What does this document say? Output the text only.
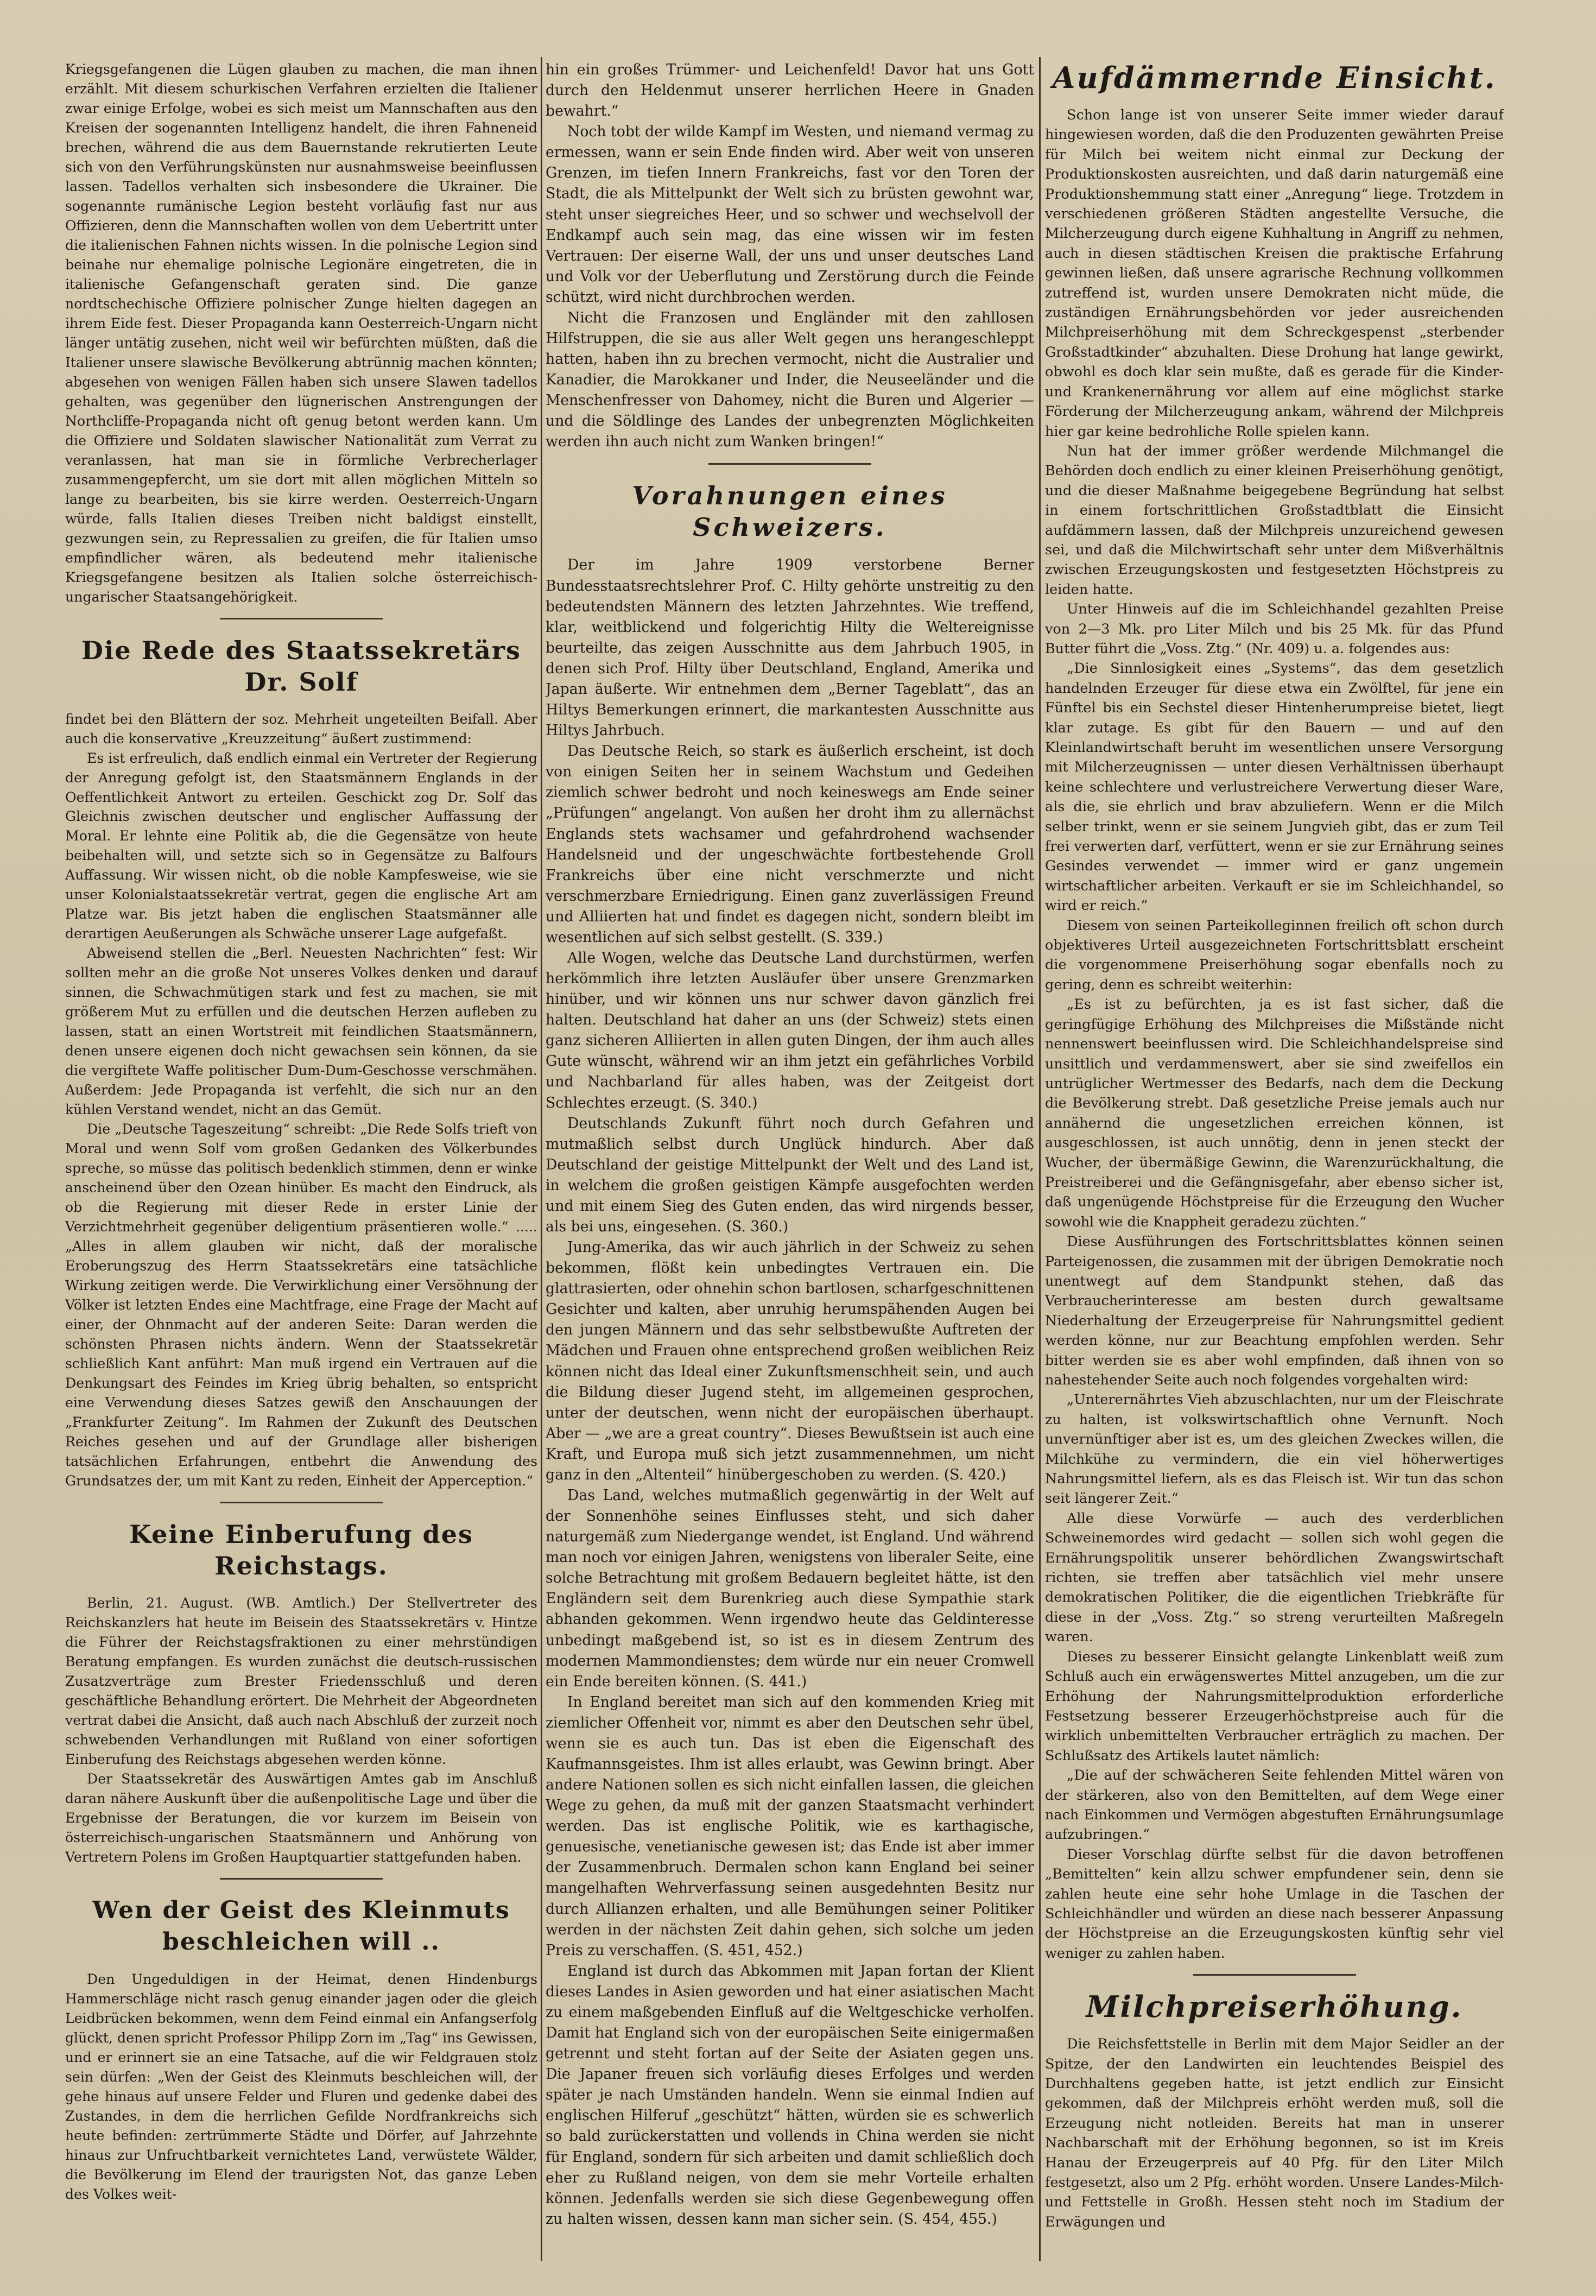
Kriegsgefangenen die Lügen glauben zu machen, die man ihnen erzählt. Mit diesem schurkischen Verfahren erzielten die Italiener zwar einige Erfolge, wobei es sich meist um Mannschaften aus den Kreisen der sogenannten Intelligenz handelt, die ihren Fahneneid brechen, während die aus dem Bauernstande rekrutierten Leute sich von den Verführungskünsten nur ausnahmsweise beeinflussen lassen. Tadellos verhalten sich insbesondere die Ukrainer. Die sogenannte rumänische Legion besteht vorläufig fast nur aus Offizieren, denn die Mannschaften wollen von dem Uebertritt unter die italienischen Fahnen nichts wissen. In die polnische Legion sind beinahe nur ehemalige polnische Legionäre eingetreten, die in italienische Gefangenschaft geraten sind. Die ganze nordtschechische Offiziere polnischer Zunge hielten dagegen an ihrem Eide fest. Dieser Propaganda kann Oesterreich-Ungarn nicht länger untätig zusehen, nicht weil wir befürchten müßten, daß die Italiener unsere slawische Bevölkerung abtrünnig machen könnten; abgesehen von wenigen Fällen haben sich unsere Slawen tadellos gehalten, was gegenüber den lügnerischen Anstrengungen der Northcliffe-Propaganda nicht oft genug betont werden kann. Um die Offiziere und Soldaten slawischer Nationalität zum Verrat zu veranlassen, hat man sie in förmliche Verbrecherlager zusammengepfercht, um sie dort mit allen möglichen Mitteln so lange zu bearbeiten, bis sie kirre werden. Oesterreich-Ungarn würde, falls Italien dieses Treiben nicht baldigst einstellt, gezwungen sein, zu Repressalien zu greifen, die für Italien umso empfindlicher wären, als bedeutend mehr italienische Kriegsgefangene besitzen als Italien solche österreichisch-ungarischer Staatsangehörigkeit.

Die Rede des Staatssekretärs Dr. Solf

findet bei den Blättern der soz. Mehrheit ungeteilten Beifall. Aber auch die konservative „Kreuzzeitung“ äußert zustimmend:

Es ist erfreulich, daß endlich einmal ein Vertreter der Regierung der Anregung gefolgt ist, den Staatsmännern Englands in der Oeffentlichkeit Antwort zu erteilen. Geschickt zog Dr. Solf das Gleichnis zwischen deutscher und englischer Auffassung der Moral. Er lehnte eine Politik ab, die die Gegensätze von heute beibehalten will, und setzte sich so in Gegensätze zu Balfours Auffassung. Wir wissen nicht, ob die noble Kampfesweise, wie sie unser Kolonialstaatssekretär vertrat, gegen die englische Art am Platze war. Bis jetzt haben die englischen Staatsmänner alle derartigen Aeußerungen als Schwäche unserer Lage aufgefaßt.

Abweisend stellen die „Berl. Neuesten Nachrichten“ fest: Wir sollten mehr an die große Not unseres Volkes denken und darauf sinnen, die Schwachmütigen stark und fest zu machen, sie mit größerem Mut zu erfüllen und die deutschen Herzen aufleben zu lassen, statt an einen Wortstreit mit feindlichen Staatsmännern, denen unsere eigenen doch nicht gewachsen sein können, da sie die vergiftete Waffe politischer Dum-Dum-Geschosse verschmähen. Außerdem: Jede Propaganda ist verfehlt, die sich nur an den kühlen Verstand wendet, nicht an das Gemüt.

Die „Deutsche Tageszeitung“ schreibt: „Die Rede Solfs trieft von Moral und wenn Solf vom großen Gedanken des Völkerbundes spreche, so müsse das politisch bedenklich stimmen, denn er winke anscheinend über den Ozean hinüber. Es macht den Eindruck, als ob die Regierung mit dieser Rede in erster Linie der Verzichtmehrheit gegenüber deligentium präsentieren wolle.“ ..... „Alles in allem glauben wir nicht, daß der moralische Eroberungszug des Herrn Staatssekretärs eine tatsächliche Wirkung zeitigen werde. Die Verwirklichung einer Versöhnung der Völker ist letzten Endes eine Machtfrage, eine Frage der Macht auf einer, der Ohnmacht auf der anderen Seite: Daran werden die schönsten Phrasen nichts ändern. Wenn der Staatssekretär schließlich Kant anführt: Man muß irgend ein Vertrauen auf die Denkungsart des Feindes im Krieg übrig behalten, so entspricht eine Verwendung dieses Satzes gewiß den Anschauungen der „Frankfurter Zeitung“. Im Rahmen der Zukunft des Deutschen Reiches gesehen und auf der Grundlage aller bisherigen tatsächlichen Erfahrungen, entbehrt die Anwendung des Grundsatzes der, um mit Kant zu reden, Einheit der Apperception.“

Keine Einberufung des Reichstags.

Berlin, 21. August. (WB. Amtlich.) Der Stellvertreter des Reichskanzlers hat heute im Beisein des Staatssekretärs v. Hintze die Führer der Reichstagsfraktionen zu einer mehrstündigen Beratung empfangen. Es wurden zunächst die deutsch-russischen Zusatzverträge zum Brester Friedensschluß und deren geschäftliche Behandlung erörtert. Die Mehrheit der Abgeordneten vertrat dabei die Ansicht, daß auch nach Abschluß der zurzeit noch schwebenden Verhandlungen mit Rußland von einer sofortigen Einberufung des Reichstags abgesehen werden könne.

Der Staatssekretär des Auswärtigen Amtes gab im Anschluß daran nähere Auskunft über die außenpolitische Lage und über die Ergebnisse der Beratungen, die vor kurzem im Beisein von österreichisch-ungarischen Staatsmännern und Anhörung von Vertretern Polens im Großen Hauptquartier stattgefunden haben.

Wen der Geist des Kleinmuts beschleichen will ..

Den Ungeduldigen in der Heimat, denen Hindenburgs Hammerschläge nicht rasch genug einander jagen oder die gleich Leidbrücken bekommen, wenn dem Feind einmal ein Anfangserfolg glückt, denen spricht Professor Philipp Zorn im „Tag“ ins Gewissen, und er erinnert sie an eine Tatsache, auf die wir Feldgrauen stolz sein dürfen: „Wen der Geist des Kleinmuts beschleichen will, der gehe hinaus auf unsere Felder und Fluren und gedenke dabei des Zustandes, in dem die herrlichen Gefilde Nordfrankreichs sich heute befinden: zertrümmerte Städte und Dörfer, auf Jahrzehnte hinaus zur Unfruchtbarkeit vernichtetes Land, verwüstete Wälder, die Bevölkerung im Elend der traurigsten Not, das ganze Leben des Volkes weit-

hin ein großes Trümmer- und Leichenfeld! Davor hat uns Gott durch den Heldenmut unserer herrlichen Heere in Gnaden bewahrt.“

Noch tobt der wilde Kampf im Westen, und niemand vermag zu ermessen, wann er sein Ende finden wird. Aber weit von unseren Grenzen, im tiefen Innern Frankreichs, fast vor den Toren der Stadt, die als Mittelpunkt der Welt sich zu brüsten gewohnt war, steht unser siegreiches Heer, und so schwer und wechselvoll der Endkampf auch sein mag, das eine wissen wir im festen Vertrauen: Der eiserne Wall, der uns und unser deutsches Land und Volk vor der Ueberflutung und Zerstörung durch die Feinde schützt, wird nicht durchbrochen werden.

Nicht die Franzosen und Engländer mit den zahllosen Hilfstruppen, die sie aus aller Welt gegen uns herangeschleppt hatten, haben ihn zu brechen vermocht, nicht die Australier und Kanadier, die Marokkaner und Inder, die Neuseeländer und die Menschenfresser von Dahomey, nicht die Buren und Algerier — und die Söldlinge des Landes der unbegrenzten Möglichkeiten werden ihn auch nicht zum Wanken bringen!“

Vorahnungen eines Schweizers.

Der im Jahre 1909 verstorbene Berner Bundesstaatsrechtslehrer Prof. C. Hilty gehörte unstreitig zu den bedeutendsten Männern des letzten Jahrzehntes. Wie treffend, klar, weitblickend und folgerichtig Hilty die Weltereignisse beurteilte, das zeigen Ausschnitte aus dem Jahrbuch 1905, in denen sich Prof. Hilty über Deutschland, England, Amerika und Japan äußerte. Wir entnehmen dem „Berner Tageblatt“, das an Hiltys Bemerkungen erinnert, die markantesten Ausschnitte aus Hiltys Jahrbuch.

Das Deutsche Reich, so stark es äußerlich erscheint, ist doch von einigen Seiten her in seinem Wachstum und Gedeihen ziemlich schwer bedroht und noch keineswegs am Ende seiner „Prüfungen“ angelangt. Von außen her droht ihm zu allernächst Englands stets wachsamer und gefahrdrohend wachsender Handelsneid und der ungeschwächte fortbestehende Groll Frankreichs über eine nicht verschmerzte und nicht verschmerzbare Erniedrigung. Einen ganz zuverlässigen Freund und Alliierten hat und findet es dagegen nicht, sondern bleibt im wesentlichen auf sich selbst gestellt. (S. 339.)

Alle Wogen, welche das Deutsche Land durchstürmen, werfen herkömmlich ihre letzten Ausläufer über unsere Grenzmarken hinüber, und wir können uns nur schwer davon gänzlich frei halten. Deutschland hat daher an uns (der Schweiz) stets einen ganz sicheren Alliierten in allen guten Dingen, der ihm auch alles Gute wünscht, während wir an ihm jetzt ein gefährliches Vorbild und Nachbarland für alles haben, was der Zeitgeist dort Schlechtes erzeugt. (S. 340.)

Deutschlands Zukunft führt noch durch Gefahren und mutmaßlich selbst durch Unglück hindurch. Aber daß Deutschland der geistige Mittelpunkt der Welt und des Land ist, in welchem die großen geistigen Kämpfe ausgefochten werden und mit einem Sieg des Guten enden, das wird nirgends besser, als bei uns, eingesehen. (S. 360.)

Jung-Amerika, das wir auch jährlich in der Schweiz zu sehen bekommen, flößt kein unbedingtes Vertrauen ein. Die glattrasierten, oder ohnehin schon bartlosen, scharfgeschnittenen Gesichter und kalten, aber unruhig herumspähenden Augen bei den jungen Männern und das sehr selbstbewußte Auftreten der Mädchen und Frauen ohne entsprechend großen weiblichen Reiz können nicht das Ideal einer Zukunftsmenschheit sein, und auch die Bildung dieser Jugend steht, im allgemeinen gesprochen, unter der deutschen, wenn nicht der europäischen überhaupt. Aber — „we are a great country“. Dieses Bewußtsein ist auch eine Kraft, und Europa muß sich jetzt zusammennehmen, um nicht ganz in den „Altenteil“ hinübergeschoben zu werden. (S. 420.)

Das Land, welches mutmaßlich gegenwärtig in der Welt auf der Sonnenhöhe seines Einflusses steht, und sich daher naturgemäß zum Niedergange wendet, ist England. Und während man noch vor einigen Jahren, wenigstens von liberaler Seite, eine solche Betrachtung mit großem Bedauern begleitet hätte, ist den Engländern seit dem Burenkrieg auch diese Sympathie stark abhanden gekommen. Wenn irgendwo heute das Geldinteresse unbedingt maßgebend ist, so ist es in diesem Zentrum des modernen Mammondienstes; dem würde nur ein neuer Cromwell ein Ende bereiten können. (S. 441.)

In England bereitet man sich auf den kommenden Krieg mit ziemlicher Offenheit vor, nimmt es aber den Deutschen sehr übel, wenn sie es auch tun. Das ist eben die Eigenschaft des Kaufmannsgeistes. Ihm ist alles erlaubt, was Gewinn bringt. Aber andere Nationen sollen es sich nicht einfallen lassen, die gleichen Wege zu gehen, da muß mit der ganzen Staatsmacht verhindert werden. Das ist englische Politik, wie es karthagische, genuesische, venetianische gewesen ist; das Ende ist aber immer der Zusammenbruch. Dermalen schon kann England bei seiner mangelhaften Wehrverfassung seinen ausgedehnten Besitz nur durch Allianzen erhalten, und alle Bemühungen seiner Politiker werden in der nächsten Zeit dahin gehen, sich solche um jeden Preis zu verschaffen. (S. 451, 452.)

England ist durch das Abkommen mit Japan fortan der Klient dieses Landes in Asien geworden und hat einer asiatischen Macht zu einem maßgebenden Einfluß auf die Weltgeschicke verholfen. Damit hat England sich von der europäischen Seite einigermaßen getrennt und steht fortan auf der Seite der Asiaten gegen uns. Die Japaner freuen sich vorläufig dieses Erfolges und werden später je nach Umständen handeln. Wenn sie einmal Indien auf englischen Hilferuf „geschützt“ hätten, würden sie es schwerlich so bald zurückerstatten und vollends in China werden sie nicht für England, sondern für sich arbeiten und damit schließlich doch eher zu Rußland neigen, von dem sie mehr Vorteile erhalten können. Jedenfalls werden sie sich diese Gegenbewegung offen zu halten wissen, dessen kann man sicher sein. (S. 454, 455.)

Aufdämmernde Einsicht.

Schon lange ist von unserer Seite immer wieder darauf hingewiesen worden, daß die den Produzenten gewährten Preise für Milch bei weitem nicht einmal zur Deckung der Produktionskosten ausreichten, und daß darin naturgemäß eine Produktionshemmung statt einer „Anregung“ liege. Trotzdem in verschiedenen größeren Städten angestellte Versuche, die Milcherzeugung durch eigene Kuhhaltung in Angriff zu nehmen, auch in diesen städtischen Kreisen die praktische Erfahrung gewinnen ließen, daß unsere agrarische Rechnung vollkommen zutreffend ist, wurden unsere Demokraten nicht müde, die zuständigen Ernährungsbehörden vor jeder ausreichenden Milchpreiserhöhung mit dem Schreckgespenst „sterbender Großstadtkinder“ abzuhalten. Diese Drohung hat lange gewirkt, obwohl es doch klar sein mußte, daß es gerade für die Kinder- und Krankenernährung vor allem auf eine möglichst starke Förderung der Milcherzeugung ankam, während der Milchpreis hier gar keine bedrohliche Rolle spielen kann.

Nun hat der immer größer werdende Milchmangel die Behörden doch endlich zu einer kleinen Preiserhöhung genötigt, und die dieser Maßnahme beigegebene Begründung hat selbst in einem fortschrittlichen Großstadtblatt die Einsicht aufdämmern lassen, daß der Milchpreis unzureichend gewesen sei, und daß die Milchwirtschaft sehr unter dem Mißverhältnis zwischen Erzeugungskosten und festgesetzten Höchstpreis zu leiden hatte.

Unter Hinweis auf die im Schleichhandel gezahlten Preise von 2—3 Mk. pro Liter Milch und bis 25 Mk. für das Pfund Butter führt die „Voss. Ztg.“ (Nr. 409) u. a. folgendes aus:

„Die Sinnlosigkeit eines „Systems“, das dem gesetzlich handelnden Erzeuger für diese etwa ein Zwölftel, für jene ein Fünftel bis ein Sechstel dieser Hintenherumpreise bietet, liegt klar zutage. Es gibt für den Bauern — und auf den Kleinlandwirtschaft beruht im wesentlichen unsere Versorgung mit Milcherzeugnissen — unter diesen Verhältnissen überhaupt keine schlechtere und verlustreichere Verwertung dieser Ware, als die, sie ehrlich und brav abzuliefern. Wenn er die Milch selber trinkt, wenn er sie seinem Jungvieh gibt, das er zum Teil frei verwerten darf, verfüttert, wenn er sie zur Ernährung seines Gesindes verwendet — immer wird er ganz ungemein wirtschaftlicher arbeiten. Verkauft er sie im Schleichhandel, so wird er reich.“

Diesem von seinen Parteikolleginnen freilich oft schon durch objektiveres Urteil ausgezeichneten Fortschrittsblatt erscheint die vorgenommene Preiserhöhung sogar ebenfalls noch zu gering, denn es schreibt weiterhin:

„Es ist zu befürchten, ja es ist fast sicher, daß die geringfügige Erhöhung des Milchpreises die Mißstände nicht nennenswert beeinflussen wird. Die Schleichhandelspreise sind unsittlich und verdammenswert, aber sie sind zweifellos ein untrüglicher Wertmesser des Bedarfs, nach dem die Deckung die Bevölkerung strebt. Daß gesetzliche Preise jemals auch nur annähernd die ungesetzlichen erreichen können, ist ausgeschlossen, ist auch unnötig, denn in jenen steckt der Wucher, der übermäßige Gewinn, die Warenzurückhaltung, die Preistreiberei und die Gefängnisgefahr, aber ebenso sicher ist, daß ungenügende Höchstpreise für die Erzeugung den Wucher sowohl wie die Knappheit geradezu züchten.“

Diese Ausführungen des Fortschrittsblattes können seinen Parteigenossen, die zusammen mit der übrigen Demokratie noch unentwegt auf dem Standpunkt stehen, daß das Verbraucherinteresse am besten durch gewaltsame Niederhaltung der Erzeugerpreise für Nahrungsmittel gedient werden könne, nur zur Beachtung empfohlen werden. Sehr bitter werden sie es aber wohl empfinden, daß ihnen von so nahestehender Seite auch noch folgendes vorgehalten wird:

„Unterernährtes Vieh abzuschlachten, nur um der Fleischrate zu halten, ist volkswirtschaftlich ohne Vernunft. Noch unvernünftiger aber ist es, um des gleichen Zweckes willen, die Milchkühe zu vermindern, die ein viel höherwertiges Nahrungsmittel liefern, als es das Fleisch ist. Wir tun das schon seit längerer Zeit.“

Alle diese Vorwürfe — auch des verderblichen Schweinemordes wird gedacht — sollen sich wohl gegen die Ernährungspolitik unserer behördlichen Zwangswirtschaft richten, sie treffen aber tatsächlich viel mehr unsere demokratischen Politiker, die die eigentlichen Triebkräfte für diese in der „Voss. Ztg.“ so streng verurteilten Maßregeln waren.

Dieses zu besserer Einsicht gelangte Linkenblatt weiß zum Schluß auch ein erwägenswertes Mittel anzugeben, um die zur Erhöhung der Nahrungsmittelproduktion erforderliche Festsetzung besserer Erzeugerhöchstpreise auch für die wirklich unbemittelten Verbraucher erträglich zu machen. Der Schlußsatz des Artikels lautet nämlich:

„Die auf der schwächeren Seite fehlenden Mittel wären von der stärkeren, also von den Bemittelten, auf dem Wege einer nach Einkommen und Vermögen abgestuften Ernährungsumlage aufzubringen.“

Dieser Vorschlag dürfte selbst für die davon betroffenen „Bemittelten“ kein allzu schwer empfundener sein, denn sie zahlen heute eine sehr hohe Umlage in die Taschen der Schleichhändler und würden an diese nach besserer Anpassung der Höchstpreise an die Erzeugungskosten künftig sehr viel weniger zu zahlen haben.

Milchpreiserhöhung.

Die Reichsfettstelle in Berlin mit dem Major Seidler an der Spitze, der den Landwirten ein leuchtendes Beispiel des Durchhaltens gegeben hatte, ist jetzt endlich zur Einsicht gekommen, daß der Milchpreis erhöht werden muß, soll die Erzeugung nicht notleiden. Bereits hat man in unserer Nachbarschaft mit der Erhöhung begonnen, so ist im Kreis Hanau der Erzeugerpreis auf 40 Pfg. für den Liter Milch festgesetzt, also um 2 Pfg. erhöht worden. Unsere Landes-Milch- und Fettstelle in Großh. Hessen steht noch im Stadium der Erwägungen und
